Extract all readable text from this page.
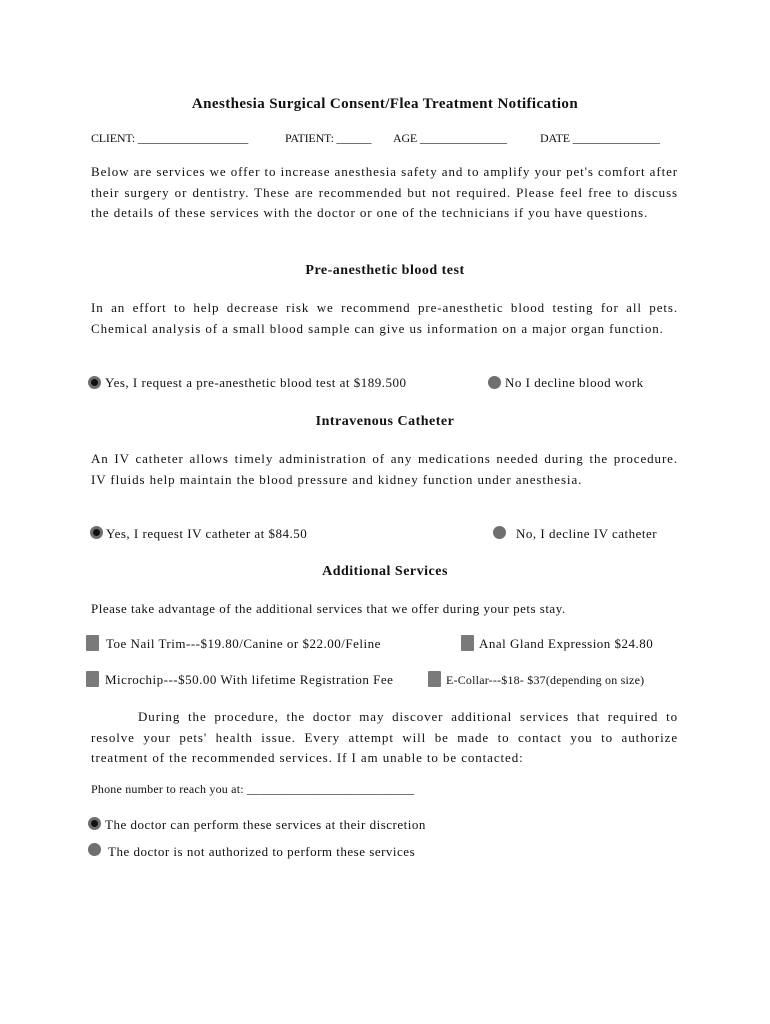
Anesthesia Surgical Consent/Flea Treatment Notification
CLIENT: ___________________	PATIENT: ______ AGE _______________	DATE _______________
Below are services we offer to increase anesthesia safety and to amplify your pet's comfort after their surgery or dentistry. These are recommended but not required. Please feel free to discuss the details of these services with the doctor or one of the technicians if you have questions.
Pre-anesthetic blood test
In an effort to help decrease risk we recommend pre-anesthetic blood testing for all pets. Chemical analysis of a small blood sample can give us information on a major organ function.
Yes, I request a pre-anesthetic blood test at $189.500	No I decline blood work
Intravenous Catheter
An IV catheter allows timely administration of any medications needed during the procedure. IV fluids help maintain the blood pressure and kidney function under anesthesia.
Yes, I request IV catheter at $84.50	No, I decline IV catheter
Additional Services
Please take advantage of the additional services that we offer during your pets stay.
Toe Nail Trim---$19.80/Canine or $22.00/Feline	Anal Gland Expression $24.80
Microchip---$50.00 With lifetime Registration Fee	E-Collar---$18- $37(depending on size)
During the procedure, the doctor may discover additional services that required to resolve your pets' health issue. Every attempt will be made to contact you to authorize treatment of the recommended services. If I am unable to be contacted:
Phone number to reach you at: ___________________________
The doctor can perform these services at their discretion
The doctor is not authorized to perform these services
